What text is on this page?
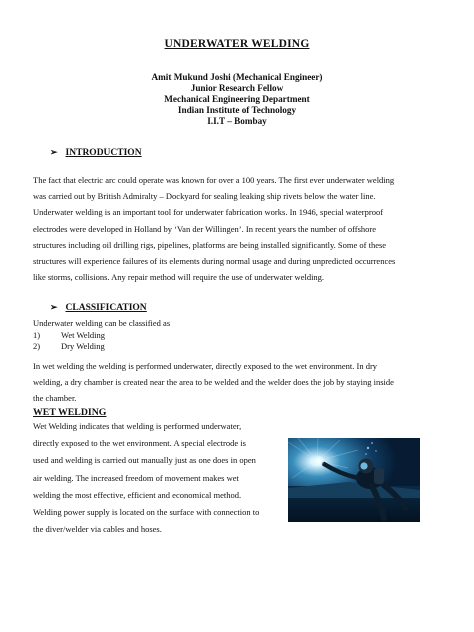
UNDERWATER WELDING
Amit Mukund Joshi (Mechanical Engineer)
Junior Research Fellow
Mechanical Engineering Department
Indian Institute of Technology
I.I.T – Bombay
➢ INTRODUCTION
The fact that electric arc could operate was known for over a 100 years. The first ever underwater welding
was carried out by British Admiralty – Dockyard for sealing leaking ship rivets below the water line.
Underwater welding is an important tool for underwater fabrication works. In 1946, special waterproof
electrodes were developed in Holland by ‘Van der Willingen’. In recent years the number of offshore
structures including oil drilling rigs, pipelines, platforms are being installed significantly. Some of these
structures will experience failures of its elements during normal usage and during unpredicted occurrences
like storms, collisions. Any repair method will require the use of underwater welding.
➢ CLASSIFICATION
Underwater welding can be classified as
1) Wet Welding
2) Dry Welding
In wet welding the welding is performed underwater, directly exposed to the wet environment. In dry
welding, a dry chamber is created near the area to be welded and the welder does the job by staying inside
the chamber.
WET WELDING
Wet Welding indicates that welding is performed underwater,
directly exposed to the wet environment. A special electrode is
used and welding is carried out manually just as one does in open
air welding. The increased freedom of movement makes wet
welding the most effective, efficient and economical method.
Welding power supply is located on the surface with connection to
the diver/welder via cables and hoses.
